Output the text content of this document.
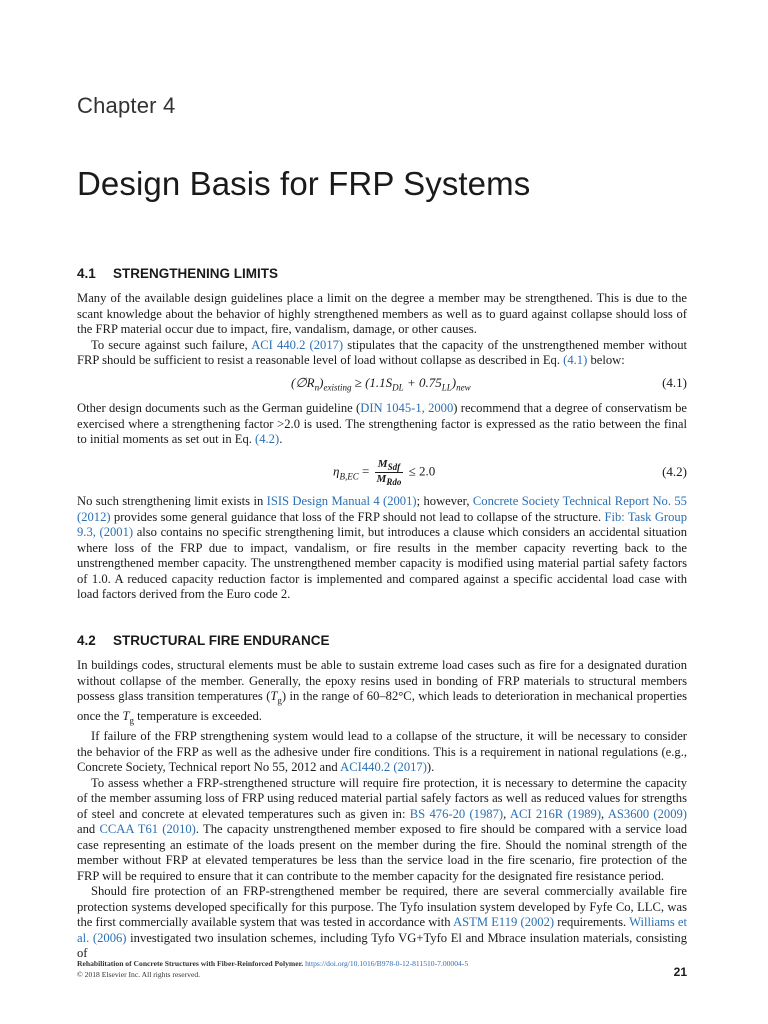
Chapter 4
Design Basis for FRP Systems
4.1 STRENGTHENING LIMITS

Many of the available design guidelines place a limit on the degree a member may be strengthened. This is due to the scant knowledge about the behavior of highly strengthened members as well as to guard against collapse should loss of the FRP material occur due to impact, fire, vandalism, damage, or other causes.

To secure against such failure, ACI 440.2 (2017) stipulates that the capacity of the unstrengthened member without FRP should be sufficient to resist a reasonable level of load without collapse as described in Eq. (4.1) below:

$(\emptyset R_n)_{existing} \ge (1.1S_{DL} + 0.75_{LL})_{new}$	(4.1)

Other design documents such as the German guideline (DIN 1045-1, 2000) recommend that a degree of conservatism be exercised where a strengthening factor >2.0 is used. The strengthening factor is expressed as the ratio between the final to initial moments as set out in Eq. (4.2).

$\eta_{B,EC} = \frac{M_{Sdf}}{M_{Rdo}} \le 2.0$	(4.2)

No such strengthening limit exists in ISIS Design Manual 4 (2001); however, Concrete Society Technical Report No. 55 (2012) provides some general guidance that loss of the FRP should not lead to collapse of the structure. Fib: Task Group 9.3, (2001) also contains no specific strengthening limit, but introduces a clause which considers an accidental situation where loss of the FRP due to impact, vandalism, or fire results in the member capacity reverting back to the unstrengthened member capacity. The unstrengthened member capacity is modified using material partial safety factors of 1.0. A reduced capacity reduction factor is implemented and compared against a specific accidental load case with load factors derived from the Euro code 2.

4.2 STRUCTURAL FIRE ENDURANCE

In buildings codes, structural elements must be able to sustain extreme load cases such as fire for a designated duration without collapse of the member. Generally, the epoxy resins used in bonding of FRP materials to structural members possess glass transition temperatures $(T_g)$ in the range of 60–82°C, which leads to deterioration in mechanical properties once the $T_g$ temperature is exceeded.

If failure of the FRP strengthening system would lead to a collapse of the structure, it will be necessary to consider the behavior of the FRP as well as the adhesive under fire conditions. This is a requirement in national regulations (e.g., Concrete Society, Technical report No 55, 2012 and ACI440.2 (2017)).

To assess whether a FRP-strengthened structure will require fire protection, it is necessary to determine the capacity of the member assuming loss of FRP using reduced material partial safely factors as well as reduced values for strengths of steel and concrete at elevated temperatures such as given in: BS 476-20 (1987), ACI 216R (1989), AS3600 (2009) and CCAA T61 (2010). The capacity unstrengthened member exposed to fire should be compared with a service load case representing an estimate of the loads present on the member during the fire. Should the nominal strength of the member without FRP at elevated temperatures be less than the service load in the fire scenario, fire protection of the FRP will be required to ensure that it can contribute to the member capacity for the designated fire resistance period.

Should fire protection of an FRP-strengthened member be required, there are several commercially available fire protection systems developed specifically for this purpose. The Tyfo insulation system developed by Fyfe Co, LLC, was the first commercially available system that was tested in accordance with ASTM E119 (2002) requirements. Williams et al. (2006) investigated two insulation schemes, including Tyfo VG+Tyfo El and Mbrace insulation materials, consisting of

Rehabilitation of Concrete Structures with Fiber-Reinforced Polymer. https://doi.org/10.1016/B978-0-12-811510-7.00004-5
© 2018 Elsevier Inc. All rights reserved.	21
